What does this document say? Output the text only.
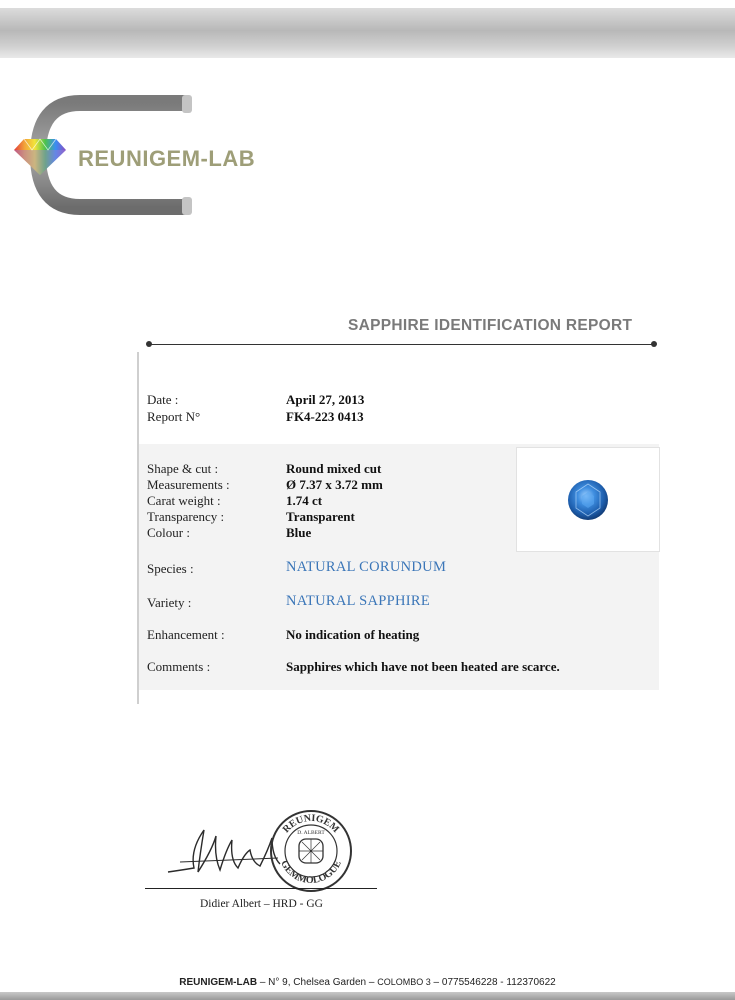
REUNIGEM-LAB
SAPPHIRE IDENTIFICATION REPORT
Date :	April 27, 2013
Report N°	FK4-223 0413
Shape & cut :	Round mixed cut
Measurements :	Ø 7.37 x 3.72 mm
Carat weight :	1.74 ct
Transparency :	Transparent
Colour :	Blue
Species :	NATURAL CORUNDUM
Variety :	NATURAL SAPPHIRE
Enhancement :	No indication of heating
Comments :	Sapphires which have not been heated are scarce.
REUNIGEM
GEMMOLOGUE
D. ALBERT
Didier Albert – HRD - GG
REUNIGEM-LAB – N° 9, Chelsea Garden – COLOMBO 3 – 0775546228 - 112370622
